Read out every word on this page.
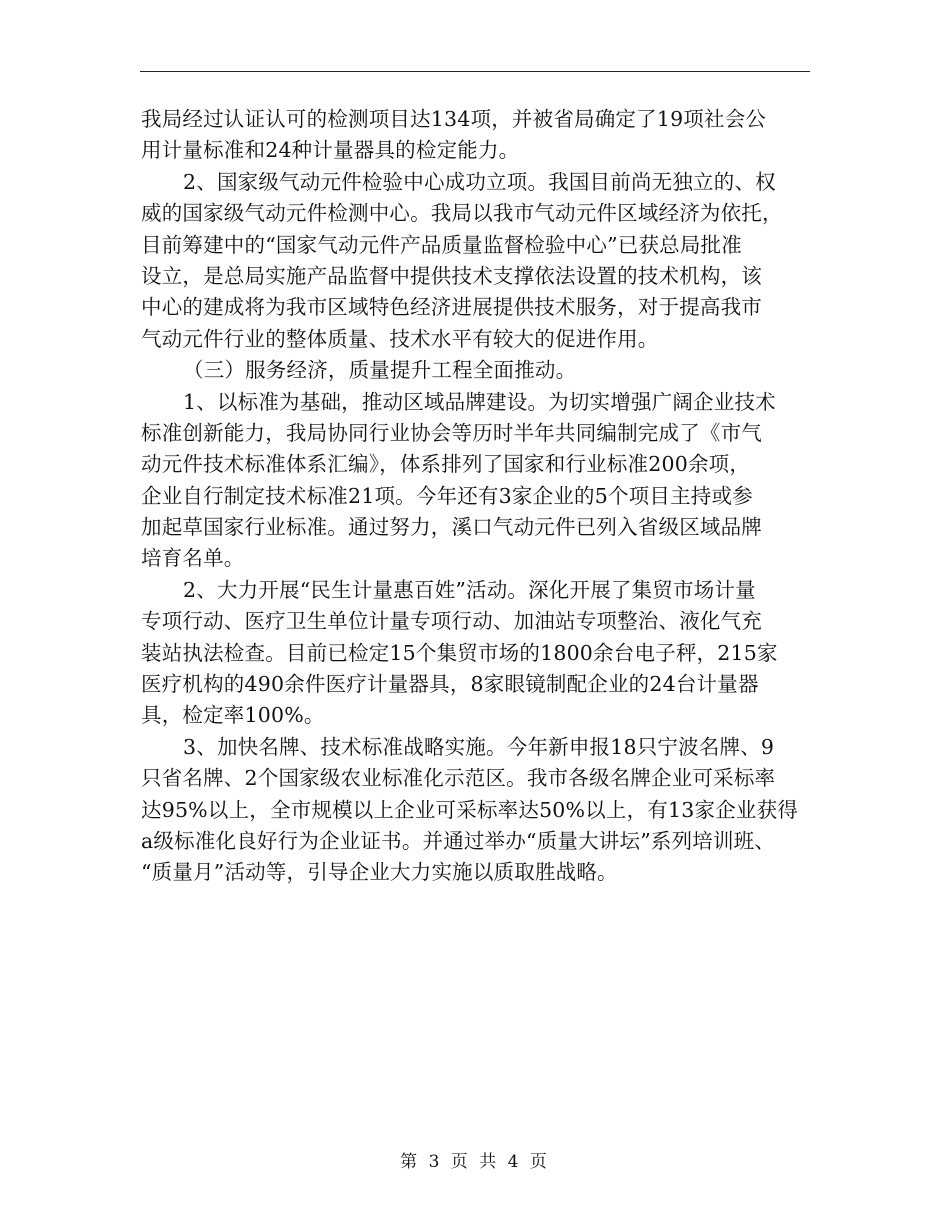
我局经过认证认可的检测项目达134项，并被省局确定了19项社会公
用计量标准和24种计量器具的检定能力。
2、国家级气动元件检验中心成功立项。我国目前尚无独立的、权
威的国家级气动元件检测中心。我局以我市气动元件区域经济为依托，
目前筹建中的“国家气动元件产品质量监督检验中心”已获总局批准
设立，是总局实施产品监督中提供技术支撑依法设置的技术机构，该
中心的建成将为我市区域特色经济进展提供技术服务，对于提高我市
气动元件行业的整体质量、技术水平有较大的促进作用。
（三）服务经济，质量提升工程全面推动。
1、以标准为基础，推动区域品牌建设。为切实增强广阔企业技术
标准创新能力，我局协同行业协会等历时半年共同编制完成了《市气
动元件技术标准体系汇编》，体系排列了国家和行业标准200余项，
企业自行制定技术标准21项。今年还有3家企业的5个项目主持或参
加起草国家行业标准。通过努力，溪口气动元件已列入省级区域品牌
培育名单。
2、大力开展“民生计量惠百姓”活动。深化开展了集贸市场计量
专项行动、医疗卫生单位计量专项行动、加油站专项整治、液化气充
装站执法检查。目前已检定15个集贸市场的1800余台电子秤，215家
医疗机构的490余件医疗计量器具，8家眼镜制配企业的24台计量器
具，检定率100%。
3、加快名牌、技术标准战略实施。今年新申报18只宁波名牌、9
只省名牌、2个国家级农业标准化示范区。我市各级名牌企业可采标率
达95%以上，全市规模以上企业可采标率达50%以上，有13家企业获得
a级标准化良好行为企业证书。并通过举办“质量大讲坛”系列培训班、
“质量月”活动等，引导企业大力实施以质取胜战略。
第 3 页 共 4 页
